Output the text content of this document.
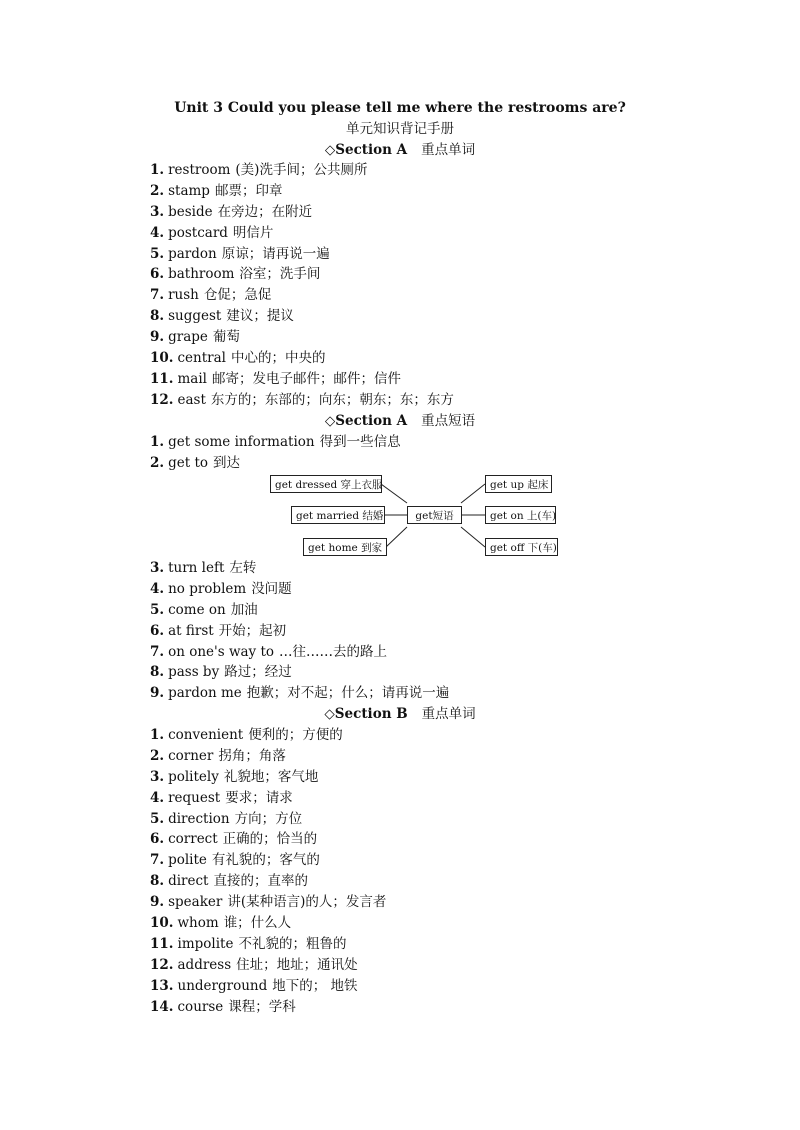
Unit 3 Could you please tell me where the restrooms are?
单元知识背记手册
◇Section A 重点单词
1. restroom (美)洗手间；公共厕所
2. stamp 邮票；印章
3. beside 在旁边；在附近
4. postcard 明信片
5. pardon 原谅；请再说一遍
6. bathroom 浴室；洗手间
7. rush 仓促；急促
8. suggest 建议；提议
9. grape 葡萄
10. central 中心的；中央的
11. mail 邮寄；发电子邮件；邮件；信件
12. east 东方的；东部的；向东；朝东；东；东方
◇Section A 重点短语
1. get some information 得到一些信息
2. get to 到达
get dressed 穿上衣服
get married 结婚
get home 到家
get短语
get up 起床
get on 上(车)
get off 下(车)
3. turn left 左转
4. no problem 没问题
5. come on 加油
6. at first 开始；起初
7. on one's way to …往……去的路上
8. pass by 路过；经过
9. pardon me 抱歉；对不起；什么；请再说一遍
◇Section B 重点单词
1. convenient 便利的；方便的
2. corner 拐角；角落
3. politely 礼貌地；客气地
4. request 要求；请求
5. direction 方向；方位
6. correct 正确的；恰当的
7. polite 有礼貌的；客气的
8. direct 直接的；直率的
9. speaker 讲(某种语言)的人；发言者
10. whom 谁；什么人
11. impolite 不礼貌的；粗鲁的
12. address 住址；地址；通讯处
13. underground 地下的； 地铁
14. course 课程；学科
